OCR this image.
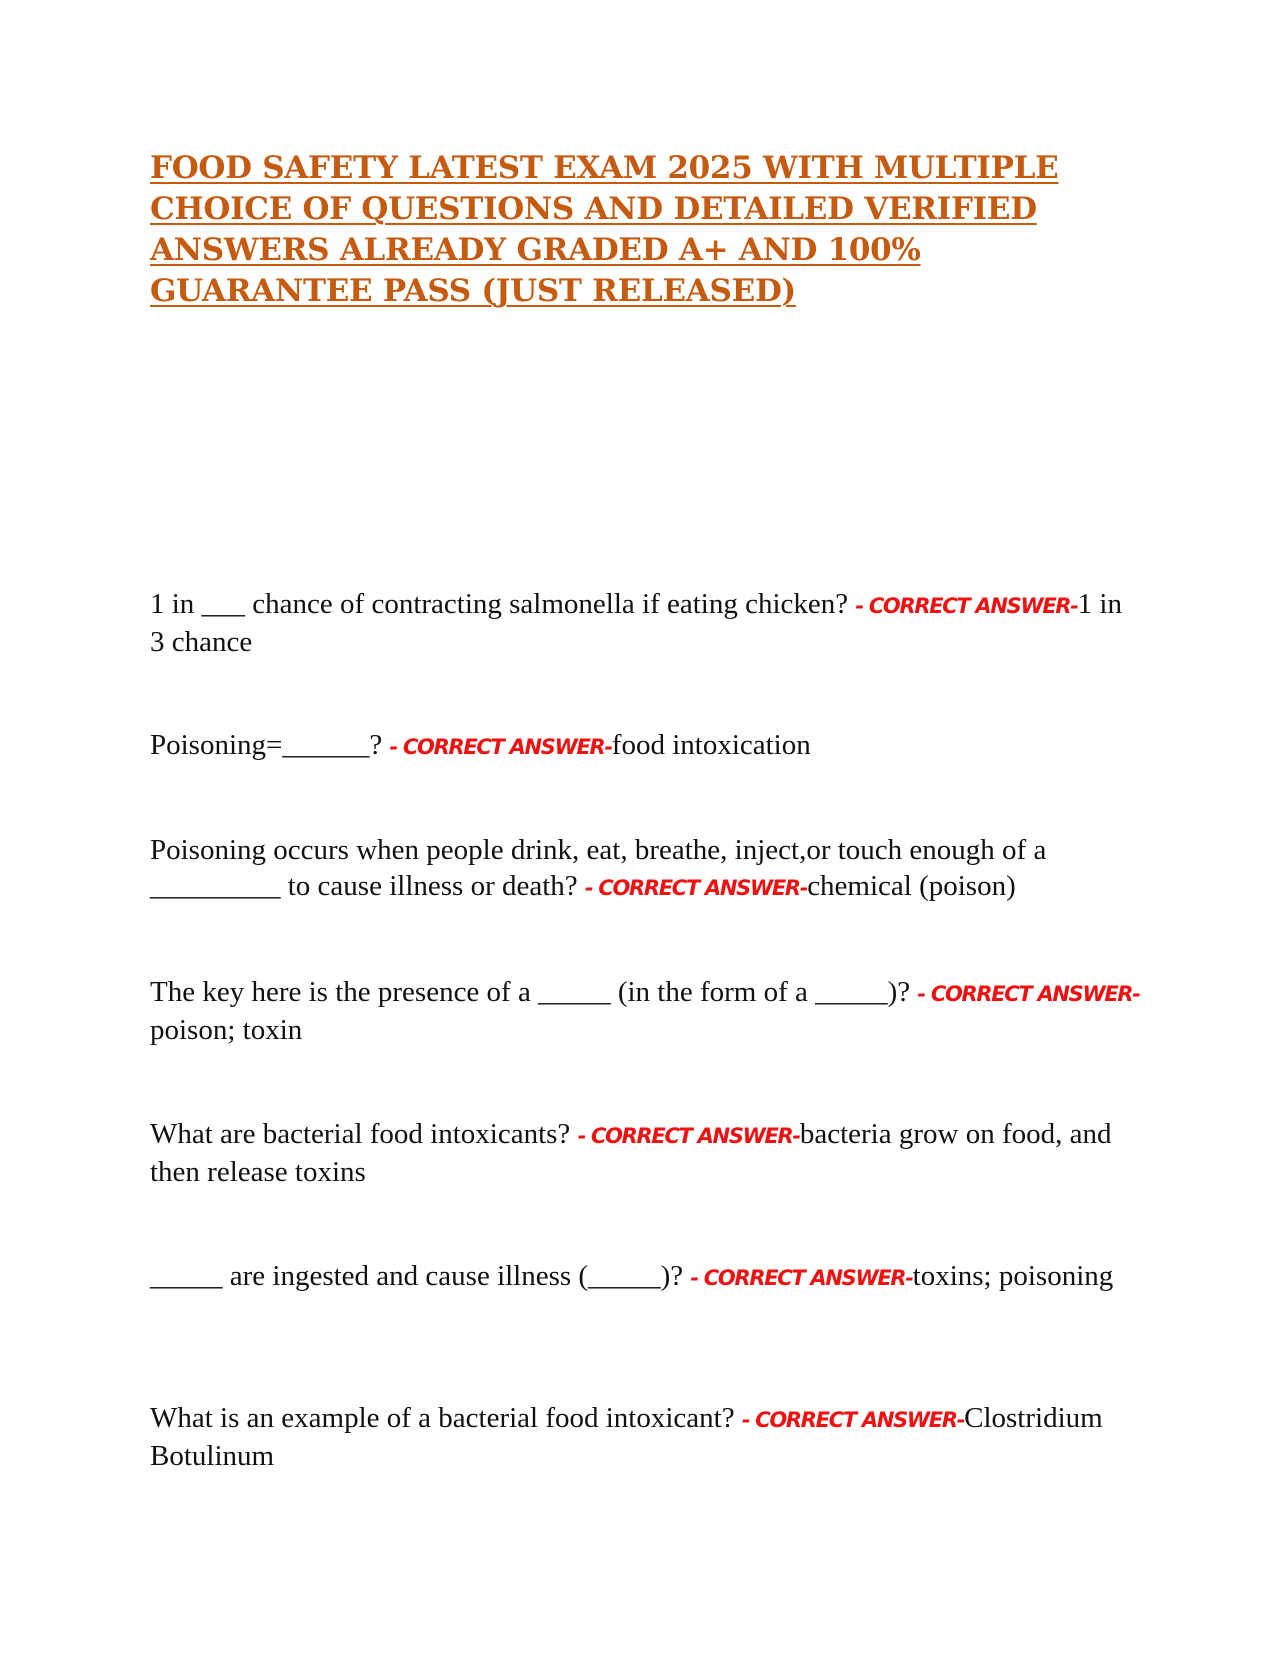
FOOD SAFETY LATEST EXAM 2025 WITH MULTIPLE CHOICE OF QUESTIONS AND DETAILED VERIFIED ANSWERS ALREADY GRADED A+ AND 100% GUARANTEE PASS (JUST RELEASED)

1 in ___ chance of contracting salmonella if eating chicken? - CORRECT ANSWER-1 in 3 chance

Poisoning=______? - CORRECT ANSWER-food intoxication

Poisoning occurs when people drink, eat, breathe, inject,or touch enough of a _________ to cause illness or death? - CORRECT ANSWER-chemical (poison)

The key here is the presence of a _____ (in the form of a _____)? - CORRECT ANSWER-poison; toxin

What are bacterial food intoxicants? - CORRECT ANSWER-bacteria grow on food, and then release toxins

_____ are ingested and cause illness (_____)? - CORRECT ANSWER-toxins; poisoning

What is an example of a bacterial food intoxicant? - CORRECT ANSWER-Clostridium Botulinum
